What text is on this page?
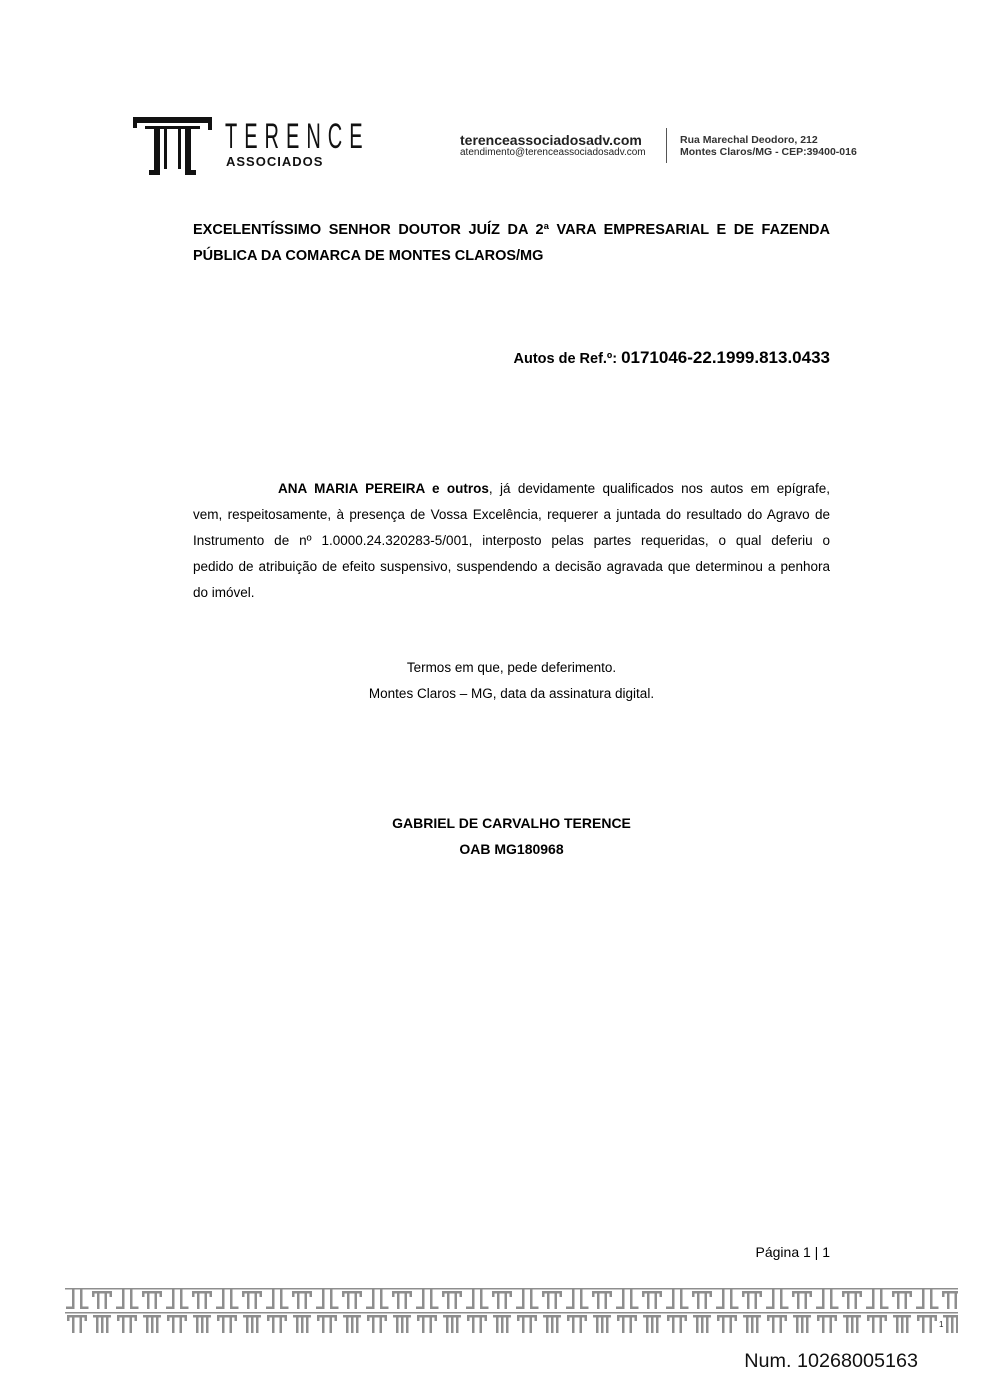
TERENCE
ASSOCIADOS
terenceassociadosadv.com
atendimento@terenceassociadosadv.com
Rua Marechal Deodoro, 212
Montes Claros/MG - CEP:39400-016
EXCELENTÍSSIMO SENHOR DOUTOR JUÍZ DA 2ª VARA EMPRESARIAL E DE FAZENDA
PÚBLICA DA COMARCA DE MONTES CLAROS/MG
Autos de Ref.º: 0171046-22.1999.813.0433
ANA MARIA PEREIRA e outros, já devidamente qualificados nos autos em epígrafe,
vem, respeitosamente, à presença de Vossa Excelência, requerer a juntada do resultado do Agravo de
Instrumento de nº 1.0000.24.320283-5/001, interposto pelas partes requeridas, o qual deferiu o
pedido de atribuição de efeito suspensivo, suspendendo a decisão agravada que determinou a penhora
do imóvel.
Termos em que, pede deferimento.
Montes Claros – MG, data da assinatura digital.
GABRIEL DE CARVALHO TERENCE
OAB MG180968
Página 1 | 1
1
Num. 10268005163
